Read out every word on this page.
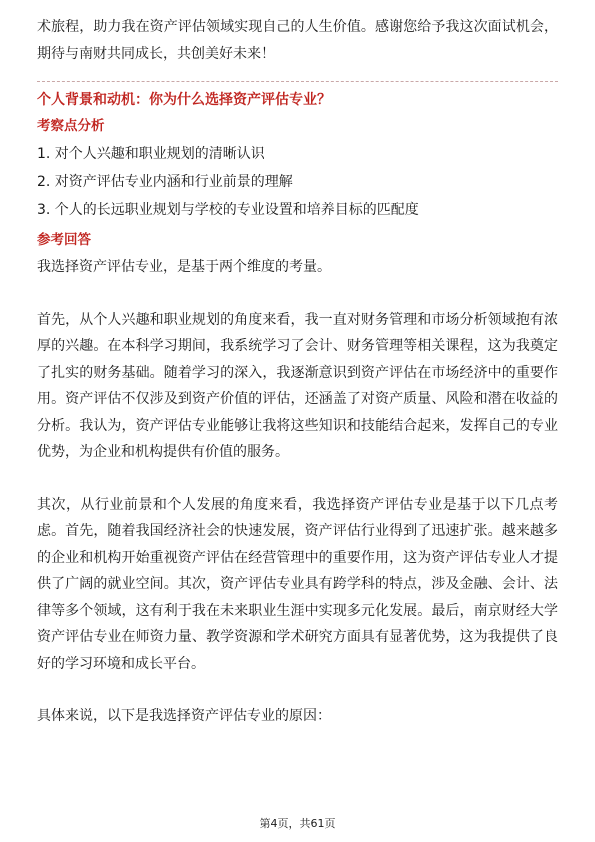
术旅程，助力我在资产评估领域实现自己的人生价值。感谢您给予我这次面试机会，期待与南财共同成长，共创美好未来！

个人背景和动机：你为什么选择资产评估专业？
考察点分析
1. 对个人兴趣和职业规划的清晰认识
2. 对资产评估专业内涵和行业前景的理解
3. 个人的长远职业规划与学校的专业设置和培养目标的匹配度
参考回答

我选择资产评估专业，是基于两个维度的考量。

首先，从个人兴趣和职业规划的角度来看，我一直对财务管理和市场分析领域抱有浓厚的兴趣。在本科学习期间，我系统学习了会计、财务管理等相关课程，这为我奠定了扎实的财务基础。随着学习的深入，我逐渐意识到资产评估在市场经济中的重要作用。资产评估不仅涉及到资产价值的评估，还涵盖了对资产质量、风险和潜在收益的分析。我认为，资产评估专业能够让我将这些知识和技能结合起来，发挥自己的专业优势，为企业和机构提供有价值的服务。

其次，从行业前景和个人发展的角度来看，我选择资产评估专业是基于以下几点考虑。首先，随着我国经济社会的快速发展，资产评估行业得到了迅速扩张。越来越多的企业和机构开始重视资产评估在经营管理中的重要作用，这为资产评估专业人才提供了广阔的就业空间。其次，资产评估专业具有跨学科的特点，涉及金融、会计、法律等多个领域，这有利于我在未来职业生涯中实现多元化发展。最后，南京财经大学资产评估专业在师资力量、教学资源和学术研究方面具有显著优势，这为我提供了良好的学习环境和成长平台。

具体来说，以下是我选择资产评估专业的原因：

第4页，共61页
